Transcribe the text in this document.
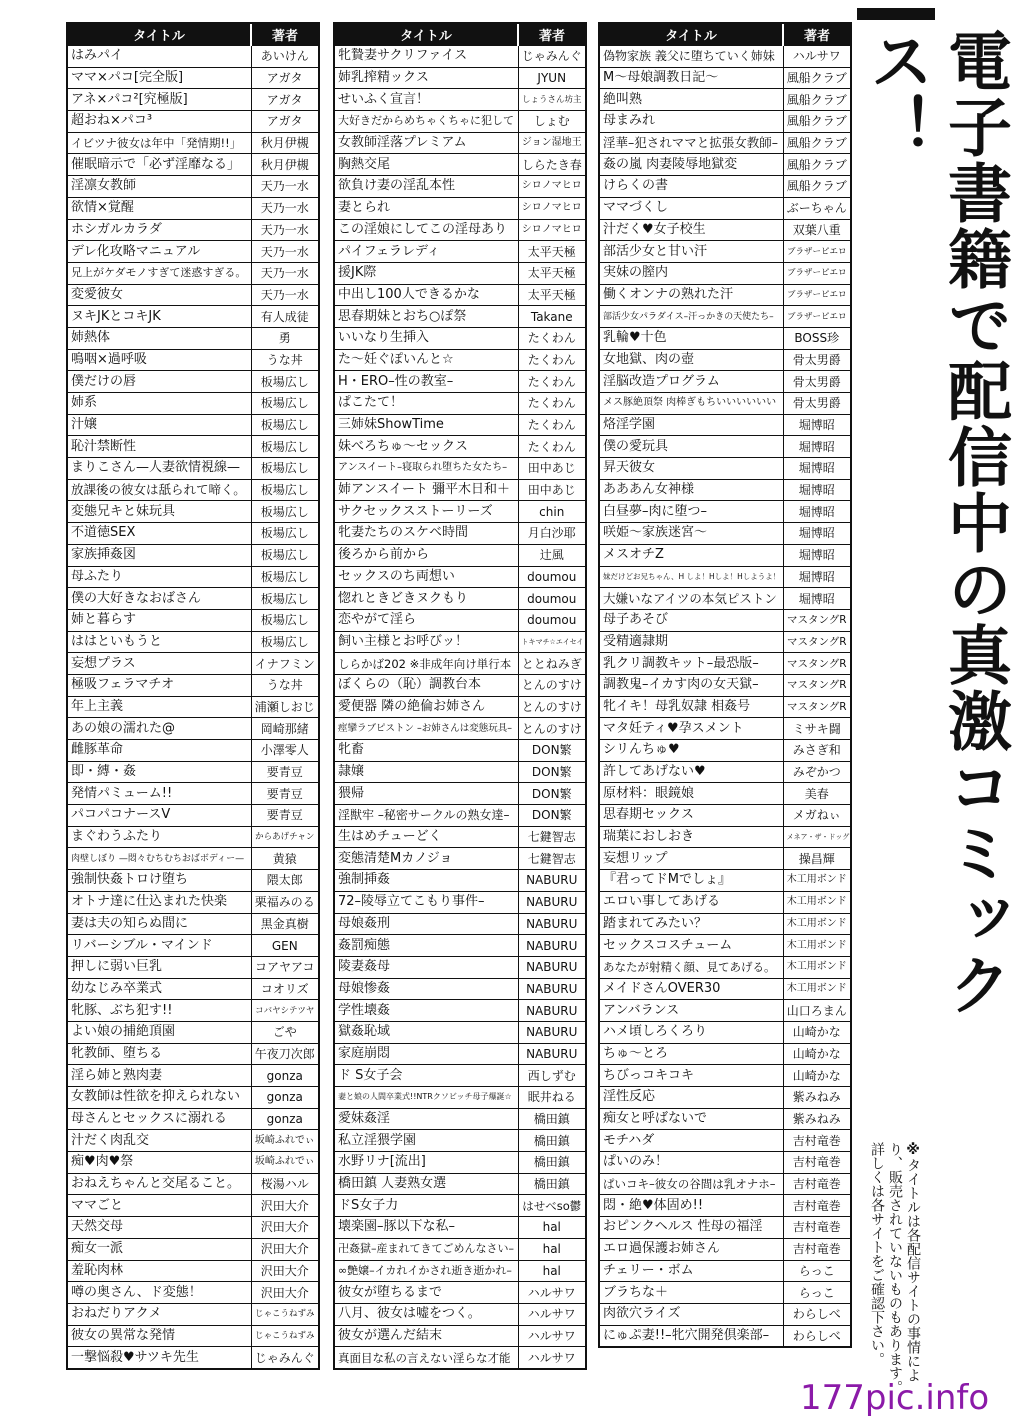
タイトル	著者
はみパイ	あいけん
ママ×パコ[完全版]	アガタ
アネ×パコ²[究極版]	アガタ
超おね×パコ³	アガタ
イビツナ彼女は年中「発情期!!」	秋月伊槻
催眠暗示で「必ず淫靡なる」	秋月伊槻
淫凛女教師	天乃一水
欲情×覚醒	天乃一水
ホシガルカラダ	天乃一水
デレ化攻略マニュアル	天乃一水
兄上がケダモノすぎて迷惑すぎる。	天乃一水
変愛彼女	天乃一水
ヌキJKとコキJK	有人成徒
姉熱体	勇
鳴咽×過呼吸	うな丼
僕だけの唇	板場広し
姉系	板場広し
汁嬢	板場広し
恥汁禁断性	板場広し
まりこさん—人妻欲情視線—	板場広し
放課後の彼女は舐られて啼く。	板場広し
変態兄キと妹玩具	板場広し
不道徳SEX	板場広し
家族挿姦図	板場広し
母ふたり	板場広し
僕の大好きなおばさん	板場広し
姉と暮らす	板場広し
ははといもうと	板場広し
妄想プラス	イナフミン
極吸フェラマチオ	うな丼
年上主義	浦瀬しおじ
あの娘の濡れた@	岡崎那緒
雌豚革命	小澤零人
即・縛・姦	要青豆
発情パミューム!!	要青豆
パコパコナースV	要青豆
まぐわうふたり	からあげチャン
肉壁しぼり —悶々むちむちおばボディー—	黄猿
強制快姦トロけ堕ち	隈太郎
オトナ達に仕込まれた快楽	栗福みのる
妻は夫の知らぬ間に	黒金真樹
リバーシブル・マインド	GEN
押しに弱い巨乳	コアヤアコ
幼なじみ卒業式	コオリズ
牝豚、ぶち犯す!!	コバヤシテツヤ
よい娘の捕絶頂園	ごや
牝教師、堕ちる	午夜刀次郎
淫ら姉と熟肉妻	gonza
女教師は性欲を抑えられない	gonza
母さんとセックスに溺れる	gonza
汁だく肉乱交	坂崎ふれでぃ
痴♥肉♥祭	坂崎ふれでぃ
おねえちゃんと交尾ること。	桜湯ハル
ママごと	沢田大介
天然交母	沢田大介
痴女一派	沢田大介
羞恥肉林	沢田大介
噂の奥さん、ド変態！	沢田大介
おねだりアクメ	じゃこうねずみ
彼女の異常な発情	じゃこうねずみ
一撃悩殺♥サツキ先生	じゃみんぐ
タイトル	著者
牝贄妻サクリファイス	じゃみんぐ
姉乳搾精ックス	JYUN
せいふく宣言！	しょうさん坊主
大好きだからめちゃくちゃに犯して	しょむ
女教師淫落プレミアム	ジョン湿地王
胸熱交尾	しらたき春
欲負け妻の淫乱本性	シロノマヒロ
妻とられ	シロノマヒロ
この淫娘にしてこの淫母あり	シロノマヒロ
パイフェラレディ	太平天極
援JK際	太平天極
中出し100人できるかな	太平天極
思春期妹とおち○ぽ祭	Takane
いいなり生挿入	たくわん
た～妊ぐぽいんと☆	たくわん
H・ERO–性の教室–	たくわん
ぱこたて！	たくわん
三姉妹ShowTime	たくわん
妹べろちゅ～セックス	たくわん
アンスイート–寝取られ堕ちた女たち–	田中あじ
姉アンスイート 彌平木日和＋	田中あじ
サクセックスストーリーズ	chin
牝妻たちのスケベ時間	月白沙耶
後ろから前から	辻風
セックスのち両想い	doumou
惚れときどきヌクもり	doumou
恋やがて淫ら	doumou
飼い主様とお呼びッ！	トキマチ☆エイセイ
しらかば202 ※非成年向け単行本	ととねみぎ
ぼくらの（恥）調教台本	とんのすけ
愛便器 隣の絶倫お姉さん	とんのすけ
痙攣ラブピストン –お姉さんは変態玩具–	とんのすけ
牝畜	DON繁
隷嬢	DON繁
猥帰	DON繁
淫獣牢 –秘密サークルの熟女達–	DON繁
生はめチューどく	七鍵智志
変態清楚Mカノジョ	七鍵智志
強制挿姦	NABURU
72–陵辱立てこもり事件–	NABURU
母娘姦刑	NABURU
姦罰痴態	NABURU
陵妻姦母	NABURU
母娘惨姦	NABURU
学性壊姦	NABURU
獄姦恥域	NABURU
家庭崩悶	NABURU
ド S女子会	西しずむ
妻と娘の人間卒業式!!NTRクソビッチ母子爆誕☆	眠井ねる
愛妹姦淫	橋田鎮
私立淫猥学園	橋田鎮
水野リナ[流出]	橋田鎮
橋田鎮 人妻熟女選	橋田鎮
ドS女子力	はせべso鬱
壊楽園–豚以下な私–	hal
卍姦獄–産まれてきてごめんなさい–	hal
∞艶嬢–イカれイかされ逝き逝かれ–	hal
彼女が堕ちるまで	ハルサワ
八月、彼女は嘘をつく。	ハルサワ
彼女が選んだ結末	ハルサワ
真面目な私の言えない淫らな才能	ハルサワ
タイトル	著者
偽物家族 義父に堕ちていく姉妹	ハルサワ
M～母娘調教日記～	風船クラブ
絶叫熟	風船クラブ
母まみれ	風船クラブ
淫華–犯されママと拡張女教師–	風船クラブ
姦の嵐 肉妻陵辱地獄変	風船クラブ
けらくの書	風船クラブ
ママづくし	ぶーちゃん
汁だく♥女子校生	双葉八重
部活少女と甘い汗	ブラザーピエロ
実妹の膣内	ブラザーピエロ
働くオンナの熟れた汗	ブラザーピエロ
部活少女パラダイス–汗っかきの天使たち–	ブラザーピエロ
乳輪♥十色	BOSS珍
女地獄、肉の壺	骨太男爵
淫脳改造プログラム	骨太男爵
メス豚絶頂祭 肉棒ぎもちいいいいいい	骨太男爵
烙淫学園	堀博昭
僕の愛玩具	堀博昭
昇天彼女	堀博昭
あああん女神様	堀博昭
白昼夢–肉に堕つ–	堀博昭
咲姫～家族迷宮～	堀博昭
メスオチZ	堀博昭
妹だけどお兄ちゃん、H しよ！Hしよ！Hしようよ！	堀博昭
大嫌いなアイツの本気ピストン	堀博昭
母子あそび	マスタングR
受精適隷期	マスタングR
乳クリ調教キット–最恐版–	マスタングR
調教鬼–イカす肉の女天獄–	マスタングR
牝イキ！母乳奴隷 相姦号	マスタングR
マタ妊ティ♥孕スメント	ミサキ闘
シリんちゅ♥	みさぎ和
許してあげない♥	みぞかつ
原材料：眼鏡娘	美春
思春期セックス	メガねぃ
瑞葉におしおき	メネア・ザ・ドッグ
妄想リップ	操昌輝
『君ってドMでしょ』	木工用ボンド
エロい事してあげる	木工用ボンド
踏まれてみたい？	木工用ボンド
セックスコスチューム	木工用ボンド
あなたが射精く顔、見てあげる。	木工用ボンド
メイドさんOVER30	木工用ボンド
アンバランス	山口ろまん
ハメ頃しろくろり	山崎かな
ちゅ～とろ	山崎かな
ちびっコキコキ	山崎かな
淫性反応	紫みねみ
痴女と呼ばないで	紫みねみ
モチハダ	吉村竜巻
ぱいのみ！	吉村竜巻
ぱいコキ–彼女の谷間は乳オナホ–	吉村竜巻
悶・絶♥体固め!!	吉村竜巻
おピンクヘルス 性母の福淫	吉村竜巻
エロ過保護お姉さん	吉村竜巻
チェリー・ボム	らっこ
ブラちな＋	らっこ
肉欲穴ライズ	わらしべ
にゅぷ妻!!–牝穴開発倶楽部–	わらしべ
電子書籍で配信中の真激コミックス！
※タイトルは各配信サイトの事情により、販売されていないものもあります。詳しくは各サイトをご確認下さい。
177pic.info
